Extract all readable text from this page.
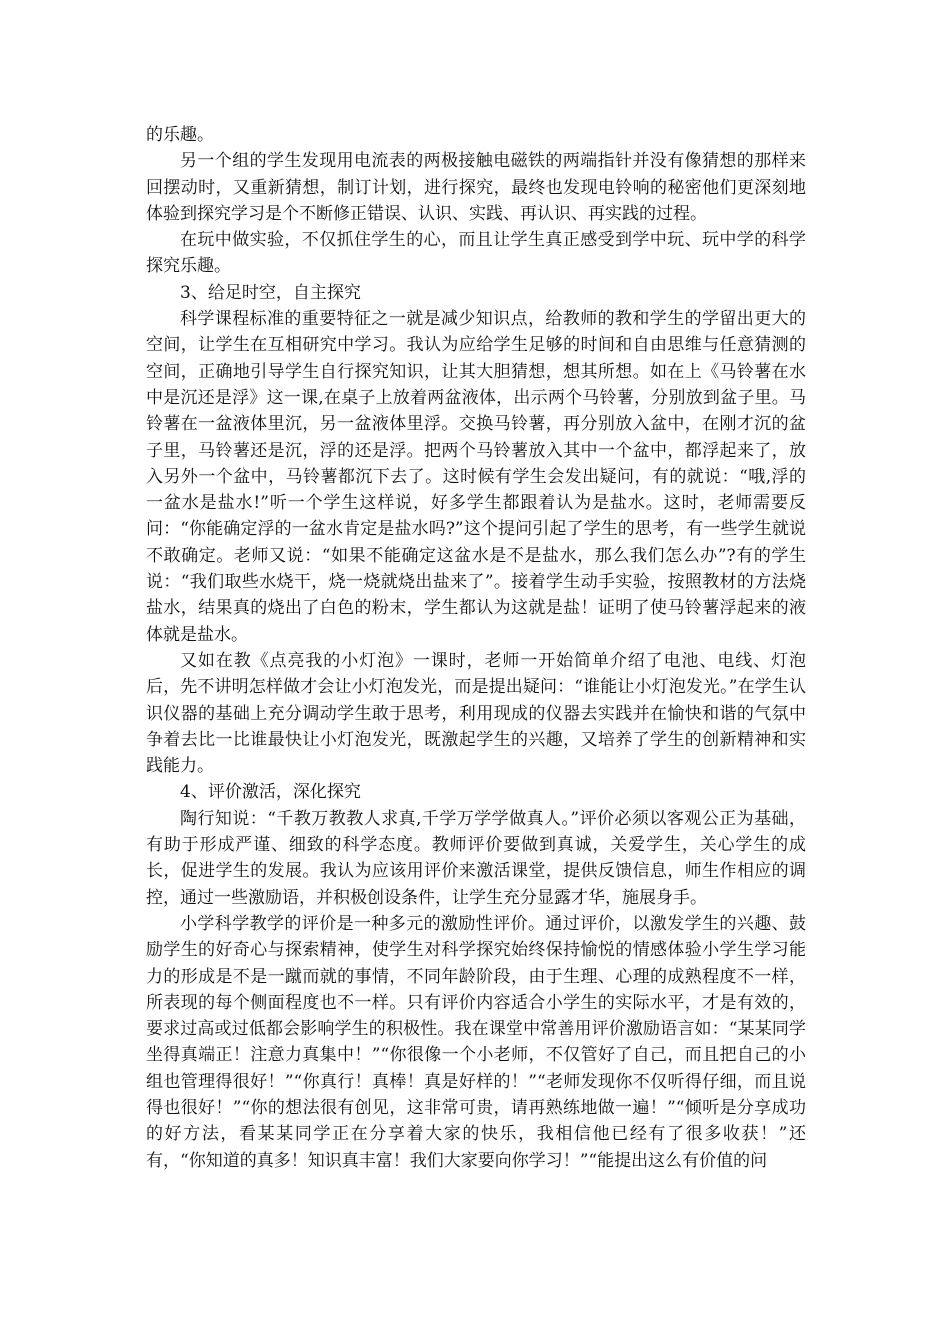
的乐趣。

另一个组的学生发现用电流表的两极接触电磁铁的两端指针并没有像猜想的那样来回摆动时，又重新猜想，制订计划，进行探究，最终也发现电铃响的秘密他们更深刻地体验到探究学习是个不断修正错误、认识、实践、再认识、再实践的过程。

在玩中做实验，不仅抓住学生的心，而且让学生真正感受到学中玩、玩中学的科学探究乐趣。

3、给足时空，自主探究

科学课程标准的重要特征之一就是减少知识点，给教师的教和学生的学留出更大的空间，让学生在互相研究中学习。我认为应给学生足够的时间和自由思维与任意猜测的空间，正确地引导学生自行探究知识，让其大胆猜想，想其所想。如在上《马铃薯在水中是沉还是浮》这一课,在桌子上放着两盆液体，出示两个马铃薯，分别放到盆子里。马铃薯在一盆液体里沉，另一盆液体里浮。交换马铃薯，再分别放入盆中，在刚才沉的盆子里，马铃薯还是沉，浮的还是浮。把两个马铃薯放入其中一个盆中，都浮起来了，放入另外一个盆中，马铃薯都沉下去了。这时候有学生会发出疑问，有的就说：“哦,浮的一盆水是盐水!”听一个学生这样说，好多学生都跟着认为是盐水。这时，老师需要反问：“你能确定浮的一盆水肯定是盐水吗?”这个提问引起了学生的思考，有一些学生就说不敢确定。老师又说：“如果不能确定这盆水是不是盐水，那么我们怎么办”?有的学生说：“我们取些水烧干，烧一烧就烧出盐来了”。接着学生动手实验，按照教材的方法烧盐水，结果真的烧出了白色的粉末，学生都认为这就是盐！证明了使马铃薯浮起来的液体就是盐水。

又如在教《点亮我的小灯泡》一课时，老师一开始简单介绍了电池、电线、灯泡后，先不讲明怎样做才会让小灯泡发光，而是提出疑问：“谁能让小灯泡发光。”在学生认识仪器的基础上充分调动学生敢于思考，利用现成的仪器去实践并在愉快和谐的气氛中争着去比一比谁最快让小灯泡发光，既激起学生的兴趣，又培养了学生的创新精神和实践能力。

4、评价激活，深化探究

陶行知说：“千教万教教人求真,千学万学学做真人。”评价必须以客观公正为基础，有助于形成严谨、细致的科学态度。教师评价要做到真诚，关爱学生，关心学生的成长，促进学生的发展。我认为应该用评价来激活课堂，提供反馈信息，师生作相应的调控，通过一些激励语，并积极创设条件，让学生充分显露才华，施展身手。

小学科学教学的评价是一种多元的激励性评价。通过评价，以激发学生的兴趣、鼓励学生的好奇心与探索精神，使学生对科学探究始终保持愉悦的情感体验小学生学习能力的形成是不是一蹴而就的事情，不同年龄阶段，由于生理、心理的成熟程度不一样，所表现的每个侧面程度也不一样。只有评价内容适合小学生的实际水平，才是有效的，要求过高或过低都会影响学生的积极性。我在课堂中常善用评价激励语言如：“某某同学坐得真端正！注意力真集中！”“你很像一个小老师，不仅管好了自己，而且把自己的小组也管理得很好！”“你真行！真棒！真是好样的！”“老师发现你不仅听得仔细，而且说得也很好！”“你的想法很有创见，这非常可贵，请再熟练地做一遍！”“倾听是分享成功的好方法，看某某同学正在分享着大家的快乐，我相信他已经有了很多收获！”还有，“你知道的真多！知识真丰富！我们大家要向你学习！”“能提出这么有价值的问
